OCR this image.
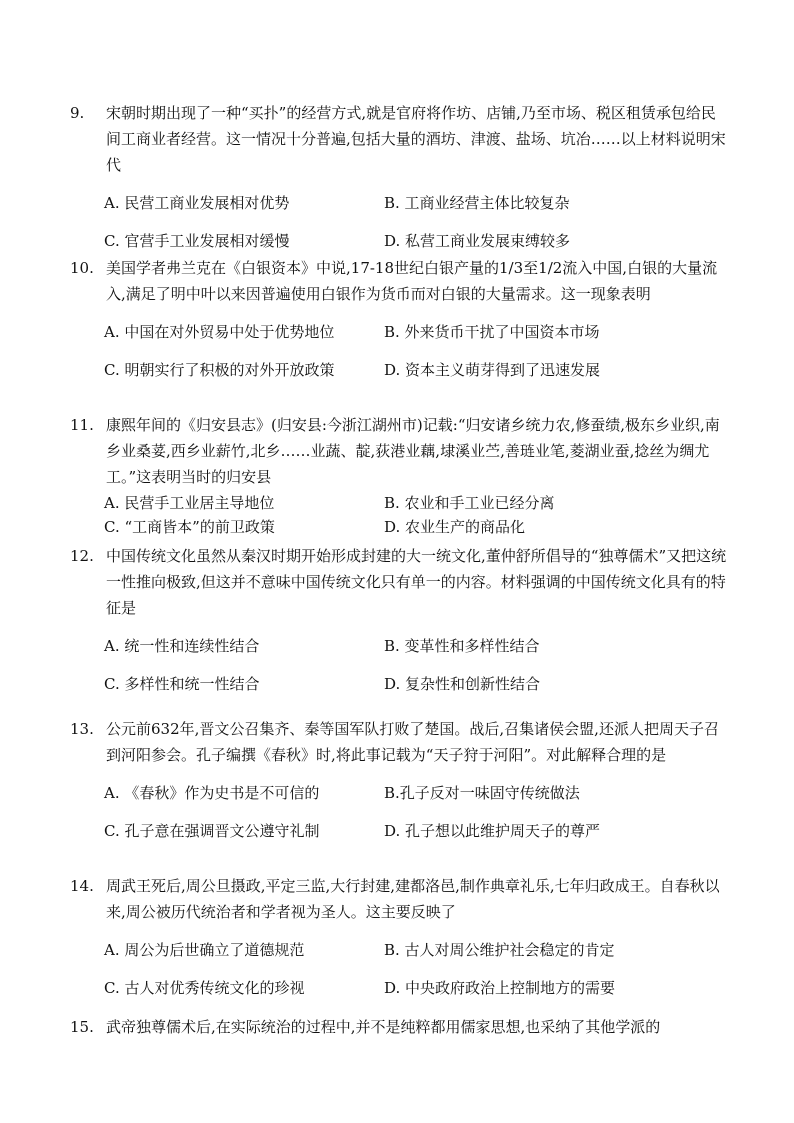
9.	宋朝时期出现了一种“买扑”的经营方式,就是官府将作坊、店铺,乃至市场、税区租赁承包给民间工商业者经营。这一情况十分普遍,包括大量的酒坊、津渡、盐场、坑冶……以上材料说明宋代

A. 民营工商业发展相对优势	B. 工商业经营主体比较复杂
C. 官营手工业发展相对缓慢	D. 私营工商业发展束缚较多

10. 美国学者弗兰克在《白银资本》中说,17-18世纪白银产量的1/3至1/2流入中国,白银的大量流入,满足了明中叶以来因普遍使用白银作为货币而对白银的大量需求。这一现象表明

A. 中国在对外贸易中处于优势地位	B. 外来货币干扰了中国资本市场
C. 明朝实行了积极的对外开放政策	D. 资本主义萌芽得到了迅速发展

11. 康熙年间的《归安县志》(归安县:今浙江湖州市)记载:“归安诸乡统力农,修蚕绩,极东乡业织,南乡业桑荽,西乡业薪竹,北乡……业蔬、靛,荻港业藕,埭溪业苎,善琏业笔,菱湖业蚕,捻丝为绸尤工。”这表明当时的归安县

A. 民营手工业居主导地位	B. 农业和手工业已经分离
C. “工商皆本”的前卫政策	D. 农业生产的商品化

12. 中国传统文化虽然从秦汉时期开始形成封建的大一统文化,董仲舒所倡导的“独尊儒术”又把这统一性推向极致,但这并不意味中国传统文化只有单一的内容。材料强调的中国传统文化具有的特征是

A. 统一性和连续性结合	B. 变革性和多样性结合
C. 多样性和统一性结合	D. 复杂性和创新性结合

13. 公元前632年,晋文公召集齐、秦等国军队打败了楚国。战后,召集诸侯会盟,还派人把周天子召到河阳参会。孔子编撰《春秋》时,将此事记载为“天子狩于河阳”。对此解释合理的是

A. 《春秋》作为史书是不可信的	B.孔子反对一味固守传统做法
C. 孔子意在强调晋文公遵守礼制	D. 孔子想以此维护周天子的尊严

14. 周武王死后,周公旦摄政,平定三监,大行封建,建都洛邑,制作典章礼乐,七年归政成王。自春秋以来,周公被历代统治者和学者视为圣人。这主要反映了

A. 周公为后世确立了道德规范	B. 古人对周公维护社会稳定的肯定
C. 古人对优秀传统文化的珍视	D. 中央政府政治上控制地方的需要

15. 武帝独尊儒术后,在实际统治的过程中,并不是纯粹都用儒家思想,也采纳了其他学派的
